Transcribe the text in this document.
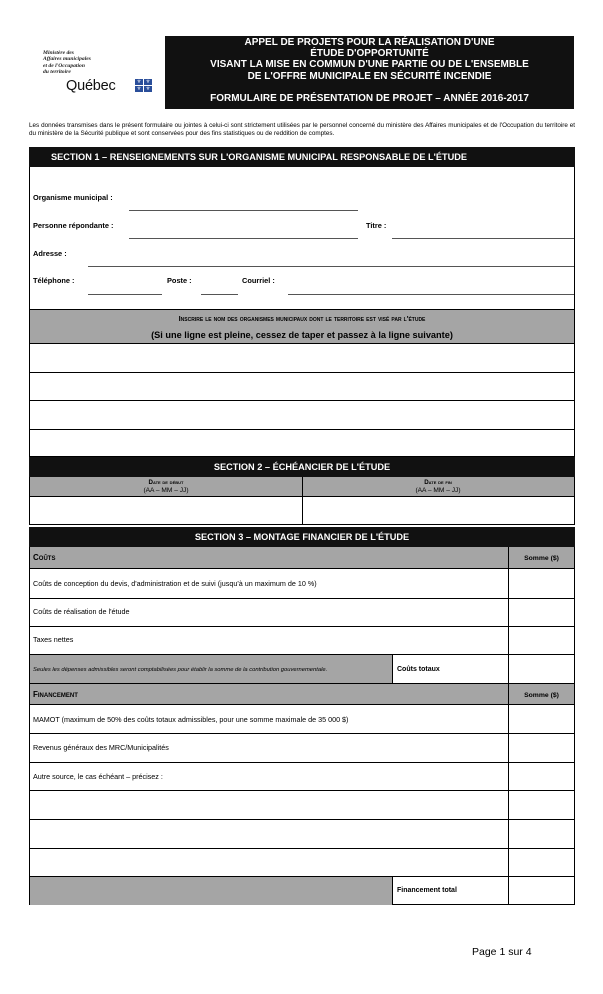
Ministère des
Affaires municipales
et de l'Occupation
du territoire
Québec	⚜ ⚜
⚜ ⚜
APPEL DE PROJETS POUR LA RÉALISATION D'UNE
ÉTUDE D'OPPORTUNITÉ
VISANT LA MISE EN COMMUN D'UNE PARTIE OU DE L'ENSEMBLE
DE L'OFFRE MUNICIPALE EN SÉCURITÉ INCENDIE
FORMULAIRE DE PRÉSENTATION DE PROJET – ANNÉE 2016-2017
Les données transmises dans le présent formulaire ou jointes à celui-ci sont strictement utilisées par le personnel concerné du ministère des Affaires municipales et de l'Occupation du territoire et du ministère de la Sécurité publique et sont conservées pour des fins statistiques ou de reddition de comptes.
SECTION 1 – RENSEIGNEMENTS SUR L'ORGANISME MUNICIPAL RESPONSABLE DE L'ÉTUDE
Organisme municipal :
Personne répondante :	Titre :
Adresse :
Téléphone :	Poste :	Courriel :
Inscrire le nom des organismes municipaux dont le territoire est visé par l'étude
(Si une ligne est pleine, cessez de taper et passez à la ligne suivante)
SECTION 2 – ÉCHÉANCIER DE L'ÉTUDE
Date de début
(AA – MM – JJ)
Date de fin
(AA – MM – JJ)
SECTION 3 – MONTAGE FINANCIER DE L'ÉTUDE
Coûts	Somme ($)
Coûts de conception du devis, d'administration et de suivi (jusqu'à un maximum de 10 %)
Coûts de réalisation de l'étude
Taxes nettes
Seules les dépenses admissibles seront comptabilisées pour établir la somme de la contribution gouvernementale.	Coûts totaux
Financement	Somme ($)
MAMOT (maximum de 50% des coûts totaux admissibles, pour une somme maximale de 35 000 $)
Revenus généraux des MRC/Municipalités
Autre source, le cas échéant – précisez :
Financement total
Page 1 sur 4
